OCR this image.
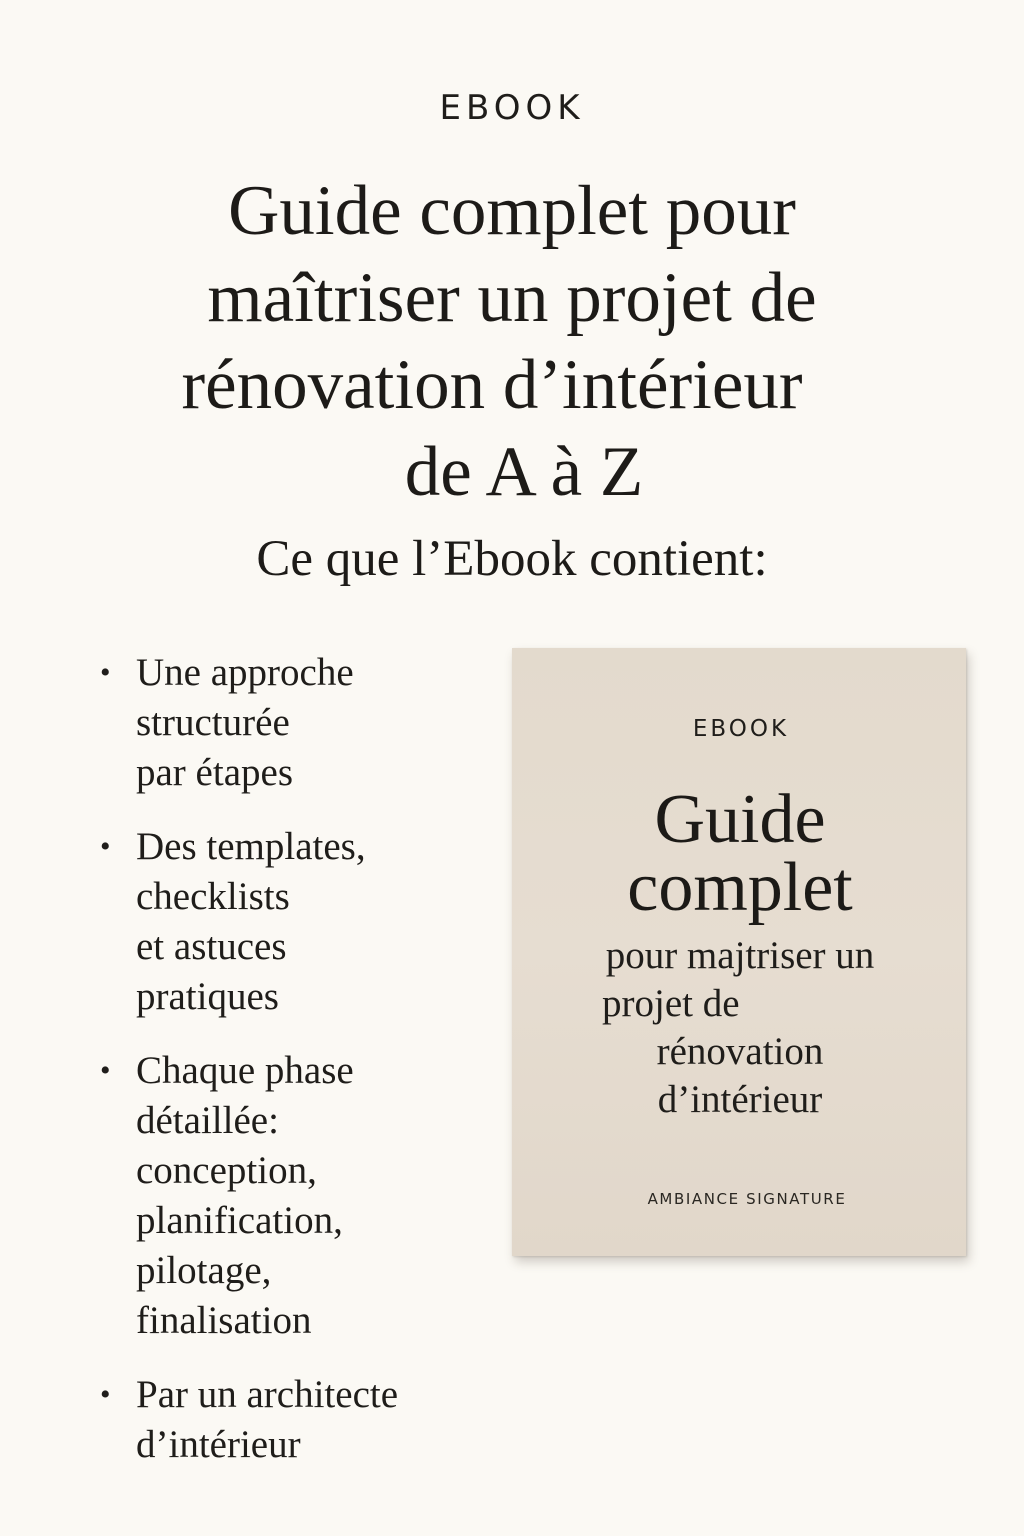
EBOOK
Guide complet pour
maîtriser un projet de
rénovation d’intérieur
de A à Z
Ce que l’Ebook contient:
• Une approche
structurée
par étapes
• Des templates,
checklists
et astuces
pratiques
• Chaque phase
détaillée:
conception,
planification,
pilotage,
finalisation
• Par un architecte
d’intérieur
EBOOK
Guide
complet
pour majtriser un
projet de
rénovation
d’intérieur
AMBIANCE SIGNATURE
